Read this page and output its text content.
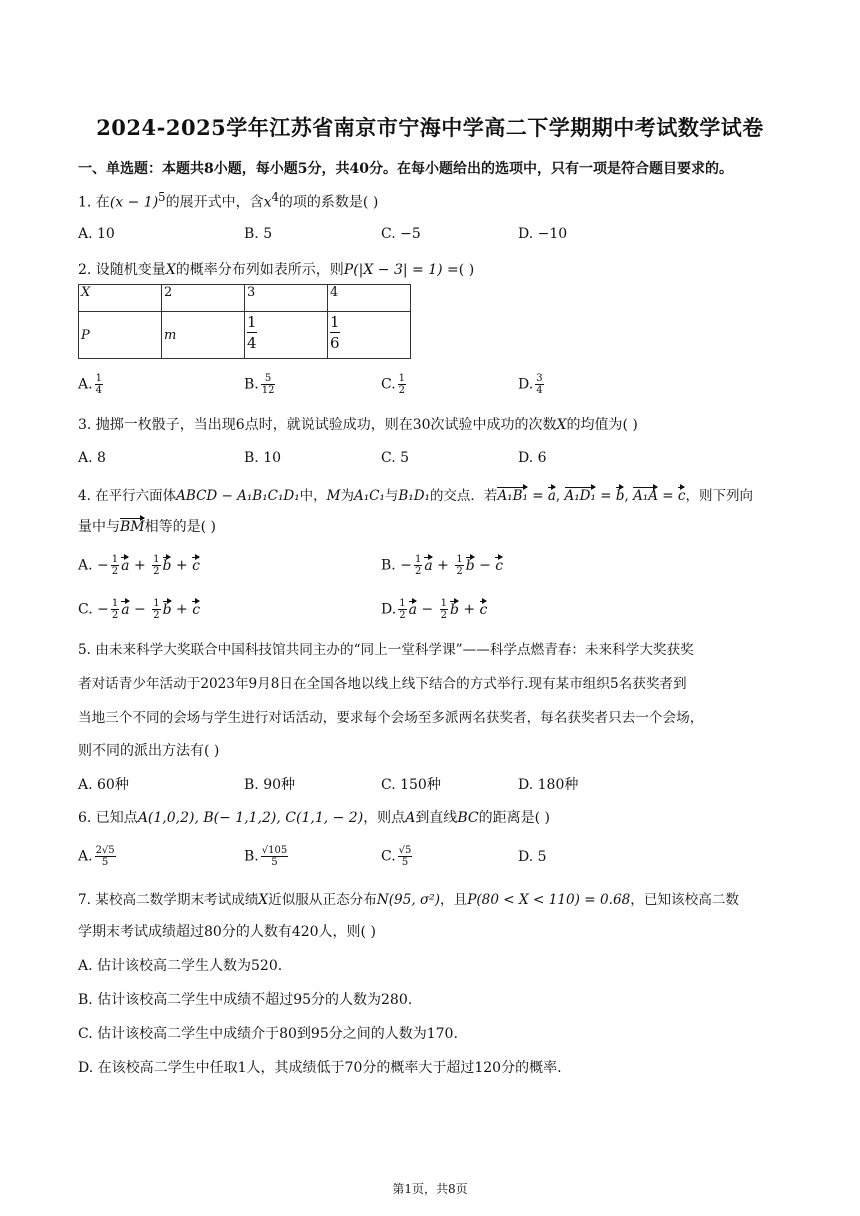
2024-2025学年江苏省南京市宁海中学高二下学期期中考试数学试卷
一、单选题：本题共8小题，每小题5分，共40分。在每小题给出的选项中，只有一项是符合题目要求的。
1. 在$(x - 1)^5$的展开式中，含$x^4$的项的系数是( )
A. 10	B. 5	C. −5	D. −10
2. 设随机变量X的概率分布列如表所示，则P(|X − 3| = 1) =( )
X	2	3	4
P	m	$\frac{1}{4}$	$\frac{1}{6}$
A. $\frac{1}{4}$	B. $\frac{5}{12}$	C. $\frac{1}{2}$	D. $\frac{3}{4}$
3. 抛掷一枚骰子，当出现6点时，就说试验成功，则在30次试验中成功的次数X的均值为( )
A. 8	B. 10	C. 5	D. 6
4. 在平行六面体ABCD − A₁B₁C₁D₁中，M为A₁C₁与B₁D₁的交点．若A₁B₁ = a, A₁D₁ = b, A₁A = c，则下列向
量中与BM相等的是( )
A. − $\frac{1}{2}$ $a + \frac{1}{2}$ b + c	B. − $\frac{1}{2}$ $a + \frac{1}{2}$ b − c
C. − $\frac{1}{2}$ $a - \frac{1}{2}$ b + c	D. $\frac{1}{2}$ $a - \frac{1}{2}$ b + c
5. 由未来科学大奖联合中国科技馆共同主办的“同上一堂科学课”——科学点燃青春：未来科学大奖获奖
者对话青少年活动于2023年9月8日在全国各地以线上线下结合的方式举行.现有某市组织5名获奖者到
当地三个不同的会场与学生进行对话活动，要求每个会场至多派两名获奖者，每名获奖者只去一个会场，
则不同的派出方法有( )
A. 60种	B. 90种	C. 150种	D. 180种
6. 已知点A(1,0,2), B(− 1,1,2), C(1,1, − 2)，则点A到直线BC的距离是( )
A. $\frac{2√5}{5}$	B. $\frac{√105}{5}$	C. $\frac{√5}{5}$	D. 5
7. 某校高二数学期末考试成绩X近似服从正态分布N(95, σ²)，且P(80 < X < 110) = 0.68，已知该校高二数
学期末考试成绩超过80分的人数有420人，则( )
A. 估计该校高二学生人数为520.
B. 估计该校高二学生中成绩不超过95分的人数为280.
C. 估计该校高二学生中成绩介于80到95分之间的人数为170.
D. 在该校高二学生中任取1人，其成绩低于70分的概率大于超过120分的概率.
第1页，共8页
